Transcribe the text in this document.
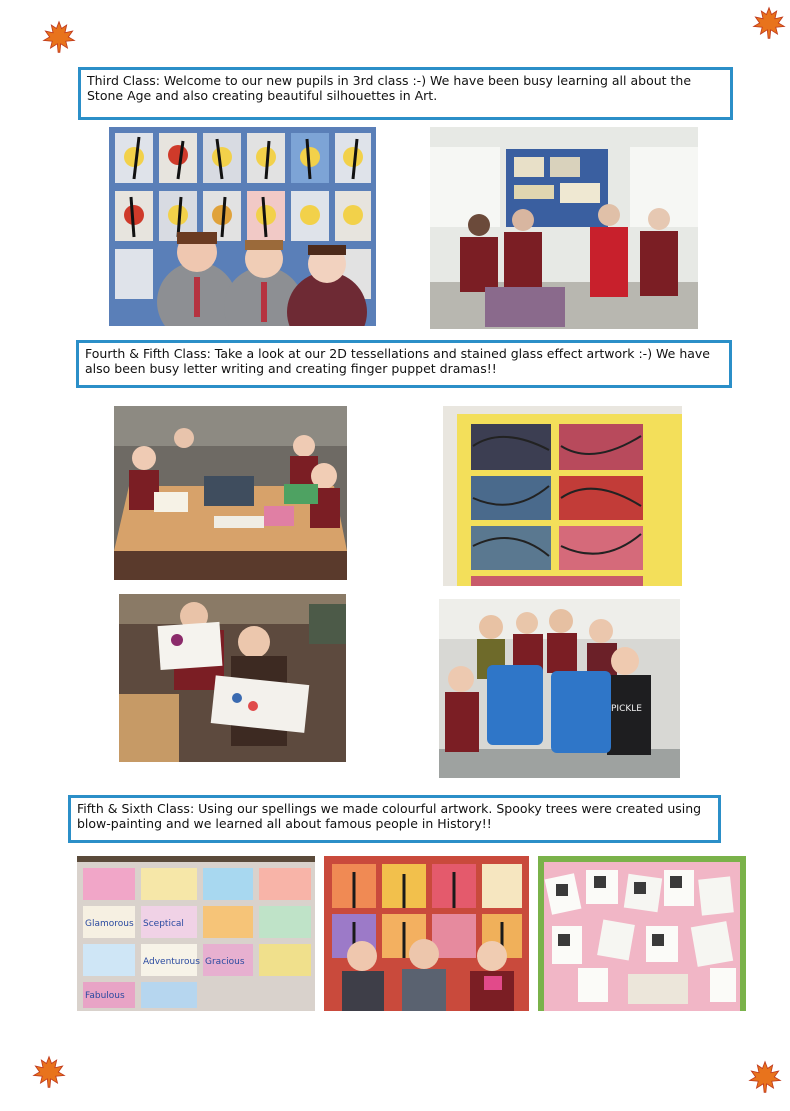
Third Class: Welcome to our new pupils in 3rd class :-) We have been busy learning all about the Stone Age and also creating beautiful silhouettes in Art.
Fourth & Fifth Class: Take a look at our 2D tessellations and stained glass effect artwork :-) We have also been busy letter writing and creating finger puppet dramas!!
PICKLE
Fifth & Sixth Class: Using our spellings we made colourful artwork. Spooky trees were created using blow-painting and we learned all about famous people in History!!
Glamorous Sceptical
Gracious
Adventurous
Fabulous
